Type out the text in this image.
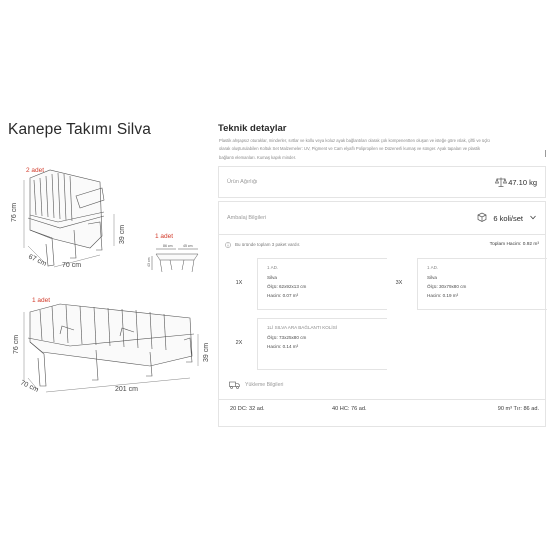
Kanepe Takımı Silva
2 adet
76 cm
67 cm 70 cm
39 cm	1 adet
86 cm	45 cm
43 cm
1 adet
76 cm
70 cm	201 cm
39 cm
Teknik detaylar
Plastik ahşapsız oturaklar, minderler, sırtlar ve kollu veya koluz ayak bağlantıları olarak çok kompenentten oluşan ve isteğe göre ıslak, çiftli ve üçlü
olarak oluşturulabilen Koltuk Set Malzemeler: UV, Pigment ve Cam elyaflı Polipropilen ve Düzenerli kumaş ve sünger. Ayak tapaları ve plastik
bağlantı elemanları. Kumaş kapık minder.
Ürün Ağırlığı	47.10 kg
Ambalaj Bilgileri	6 koli/set
Bu üründe toplam 3 paket vardır.	Toplam Hacim: 0.92 m³
1X
1 AD.
Silva
Ölçü: 62x92x13 cm
Hacim: 0.07 m³
3X
1 AD.
Silva
Ölçü: 30x79x80 cm
Hacim: 0.19 m³
2X
1Lİ SILVA ARA BAĞLANTI KOLİSİ
Ölçü: 73x25x80 cm
Hacim: 0.14 m³
Yükleme Bilgileri
20 DC: 32 ad.	40 HC: 76 ad.	90 m³ Tır: 86 ad.
